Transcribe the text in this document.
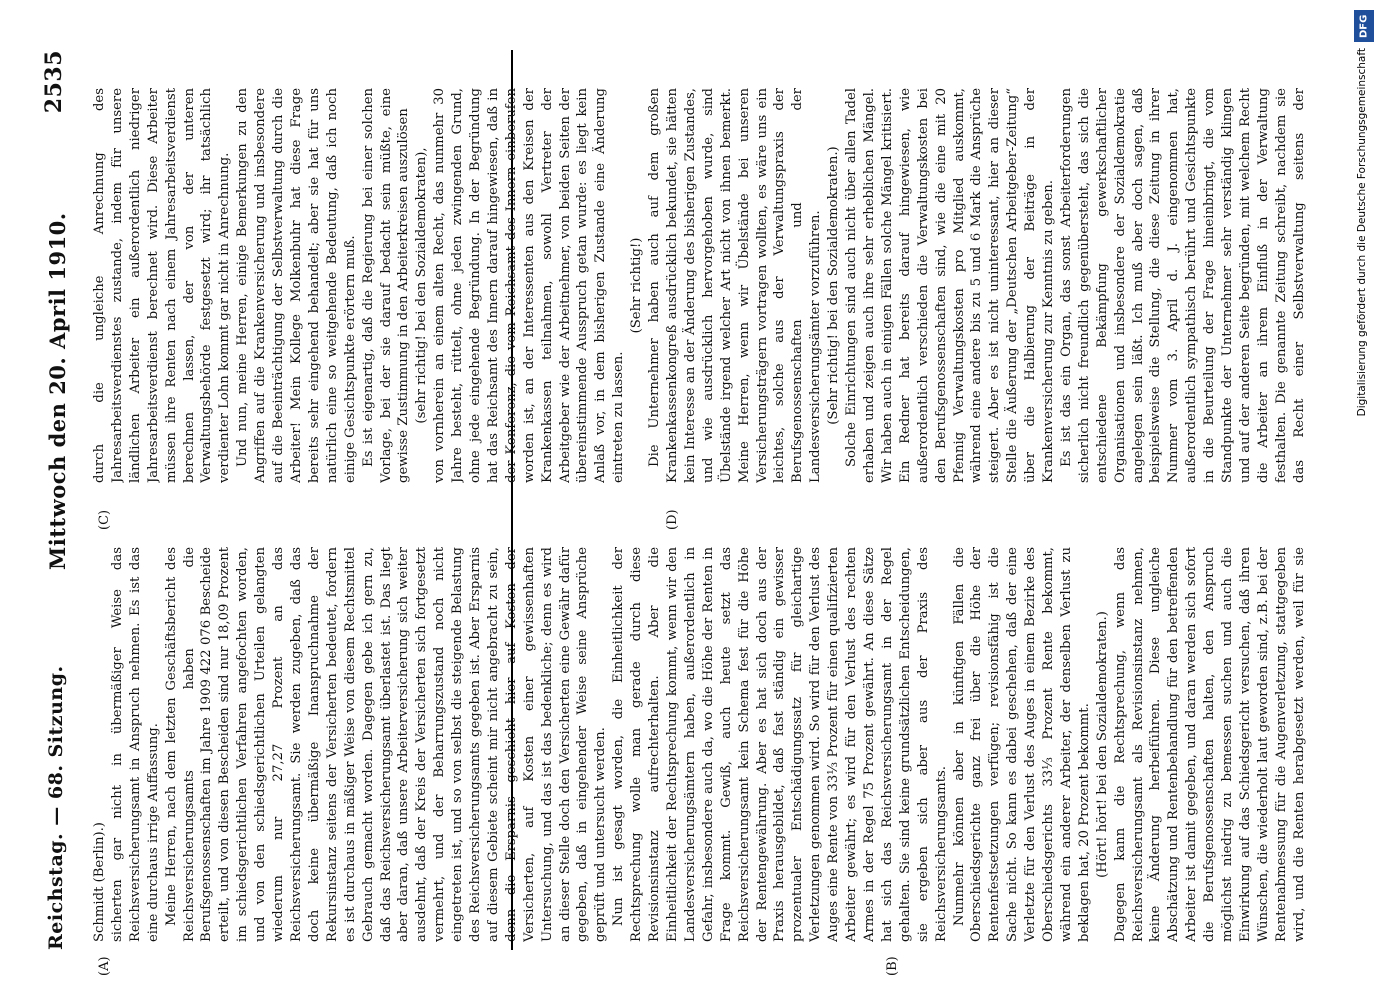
Reichstag. — 68. Sitzung.
Mittwoch den 20. April 1910.
2535
(A)	(B)
(C)	(D)

Schmidt (Berlin).) sicherten gar nicht in übermäßiger Weise das Reichsversicherungsamt in Anspruch nehmen. Es ist das eine durchaus irrige Auffassung. Meine Herren, nach dem letzten Geschäftsbericht des Reichsversicherungsamts haben die Berufsgenossenschaften im Jahre 1909 422 076 Bescheide erteilt, und von diesen Bescheiden sind nur 18,09 Prozent im schiedsgerichtlichen Verfahren angefochten worden, und von den schiedsgerichtlichen Urteilen gelangten wiederum nur 27,27 Prozent an das Reichsversicherungsamt. Sie werden zugeben, daß das doch keine übermäßige Inanspruchnahme der Rekursinstanz seitens der Versicherten bedeutet, fordern es ist durchaus in mäßiger Weise von diesem Rechtsmittel Gebrauch gemacht worden. Dagegen gebe ich gern zu, daß das Reichsversicherungsamt überlastet ist. Das liegt aber daran, daß unsere Arbeiterversicherung sich weiter ausdehnt, daß der Kreis der Versicherten sich fortgesetzt vermehrt, und der Beharrungszustand noch nicht eingetreten ist, und so von selbst die steigende Belastung des Reichsversicherungsamts gegeben ist. Aber Ersparnis auf diesem Gebiete scheint mir nicht angebracht zu sein, denn die Ersparnis geschieht hier auf Kosten der Versicherten, auf Kosten einer gewissenhaften Untersuchung, und das ist das bedenkliche; denn es wird an dieser Stelle doch den Versicherten eine Gewähr dafür gegeben, daß in eingehender Weise seine Ansprüche geprüft und untersucht werden. Nun ist gesagt worden, die Einheitlichkeit der Rechtsprechung wolle man gerade durch diese Revisionsinstanz aufrechterhalten. Aber die Einheitlichkeit der Rechtsprechung kommt, wenn wir den Landesversicherungsämtern haben, außerordentlich in Gefahr, insbesondere auch da, wo die Höhe der Renten in Frage kommt. Gewiß, auch heute setzt das Reichsversicherungsamt kein Schema fest für die Höhe der Rentengewährung. Aber es hat sich doch aus der Praxis herausgebildet, daß fast ständig ein gewisser prozentualer Entschädigungssatz für gleichartige Verletzungen genommen wird. So wird für den Verlust des Auges eine Rente von 33⅓ Prozent für einen qualifizierten Arbeiter gewährt; es wird für den Verlust des rechten Armes in der Regel 75 Prozent gewährt. An diese Sätze hat sich das Reichsversicherungsamt in der Regel gehalten. Sie sind keine grundsätzlichen Entscheidungen, sie ergeben sich aber aus der Praxis des Reichsversicherungsamts. Nunmehr können aber in künftigen Fällen die Oberschiedsgerichte ganz frei über die Höhe der Rentenfestsetzungen verfügen; revisionsfähig ist die Sache nicht. So kann es dabei geschehen, daß der eine Verletzte für den Verlust des Auges in einem Bezirke des Oberschiedsgerichts 33⅓ Prozent Rente bekommt, während ein anderer Arbeiter, der denselben Verlust zu beklagen hat, 20 Prozent bekommt. (Hört! hört! bei den Sozialdemokraten.)

Dagegen kann die Rechtsprechung, wenn das Reichsversicherungsamt als Revisionsinstanz nehmen, keine Änderung herbeiführen. Diese ungleiche Abschätzung und Rentenbehandlung für den betreffenden Arbeiter ist damit gegeben, und daran werden sich sofort die Berufsgenossenschaften halten, den Anspruch möglichst niedrig zu bemessen suchen und auch die Einwirkung auf das Schiedsgericht versuchen, daß ihren Wünschen, die wiederholt laut geworden sind, z.B. bei der Rentenabmessung für die Augenverletzung, stattgegeben wird, und die Renten herabgesetzt werden, weil für sie

durch die ungleiche Anrechnung des Jahresarbeitsverdienstes zustande, indem für unsere ländlichen Arbeiter ein außerordentlich niedriger Jahresarbeitsverdienst berechnet wird. Diese Arbeiter müssen ihre Renten nach einem Jahresarbeitsverdienst berechnen lassen, der von der unteren Verwaltungsbehörde festgesetzt wird; ihr tatsächlich verdienter Lohn kommt gar nicht in Anrechnung. Und nun, meine Herren, einige Bemerkungen zu den Angriffen auf die Krankenversicherung und insbesondere auf die Beeinträchtigung der Selbstverwaltung durch die Arbeiter! Mein Kollege Molkenbuhr hat diese Frage bereits sehr eingehend behandelt; aber sie hat für uns natürlich eine so weitgehende Bedeutung, daß ich noch einige Gesichtspunkte erörtern muß. Es ist eigenartig, daß die Regierung bei einer solchen Vorlage, bei der sie darauf bedacht sein müßte, eine gewisse Zustimmung in den Arbeiterkreisen auszulösen (sehr richtig! bei den Sozialdemokraten), von vornherein an einem alten Recht, das nunmehr 30 Jahre besteht, rüttelt, ohne jeden zwingenden Grund, ohne jede eingehende Begründung. In der Begründung hat das Reichsamt des Innern darauf hingewiesen, daß in der Konferenz, die vom Reichsamt des Innern einberufen worden ist, an der Interessenten aus den Kreisen der Krankenkassen teilnahmen, sowohl Vertreter der Arbeitgeber wie der Arbeitnehmer, von beiden Seiten der übereinstimmende Ausspruch getan wurde: es liegt kein Anlaß vor, in dem bisherigen Zustande eine Änderung eintreten zu lassen.

(Sehr richtig!) Die Unternehmer haben auch auf dem großen Krankenkassenkongreß ausdrücklich bekundet, sie hätten kein Interesse an der Änderung des bisherigen Zustandes, und wie ausdrücklich hervorgehoben wurde, sind Übelstände irgend welcher Art nicht von ihnen bemerkt. Meine Herren, wenn wir Übelstände bei unseren Versicherungsträgern vortragen wollten, es wäre uns ein leichtes, solche aus der Verwaltungspraxis der Berufsgenossenschaften und der Landesversicherungsämter vorzuführen. (Sehr richtig! bei den Sozialdemokraten.) Solche Einrichtungen sind auch nicht über allen Tadel erhaben und zeigen auch ihre sehr erheblichen Mängel. Wir haben auch in einigen Fällen solche Mängel kritisiert. Ein Redner hat bereits darauf hingewiesen, wie außerordentlich verschieden die Verwaltungskosten bei den Berufsgenossenschaften sind, wie die eine mit 20 Pfennig Verwaltungskosten pro Mitglied auskommt, während eine andere bis zu 5 und 6 Mark die Ansprüche steigert. Aber es ist nicht uninteressant, hier an dieser Stelle die Äußerung der „Deutschen Arbeitgeber-Zeitung“ über die Halbierung der Beiträge in der Krankenversicherung zur Kenntnis zu geben. Es ist das ein Organ, das sonst Arbeiterforderungen sicherlich nicht freundlich gegenübersteht, das sich die entschiedene Bekämpfung gewerkschaftlicher Organisationen und insbesondere der Sozialdemokratie angelegen sein läßt. Ich muß aber doch sagen, daß beispielsweise die Stellung, die diese Zeitung in ihrer Nummer vom 3. April d. J. eingenommen hat, außerordentlich sympathisch berührt und Gesichtspunkte in die Beurteilung der Frage hineinbringt, die vom Standpunkte der Unternehmer sehr verständig klingen und auf der anderen Seite begründen, mit welchem Recht die Arbeiter an ihrem Einfluß in der Verwaltung festhalten. Die genannte Zeitung schreibt, nachdem sie das Recht einer Selbstverwaltung seitens der

DFG
Digitalisierung gefördert durch die Deutsche Forschungsgemeinschaft
